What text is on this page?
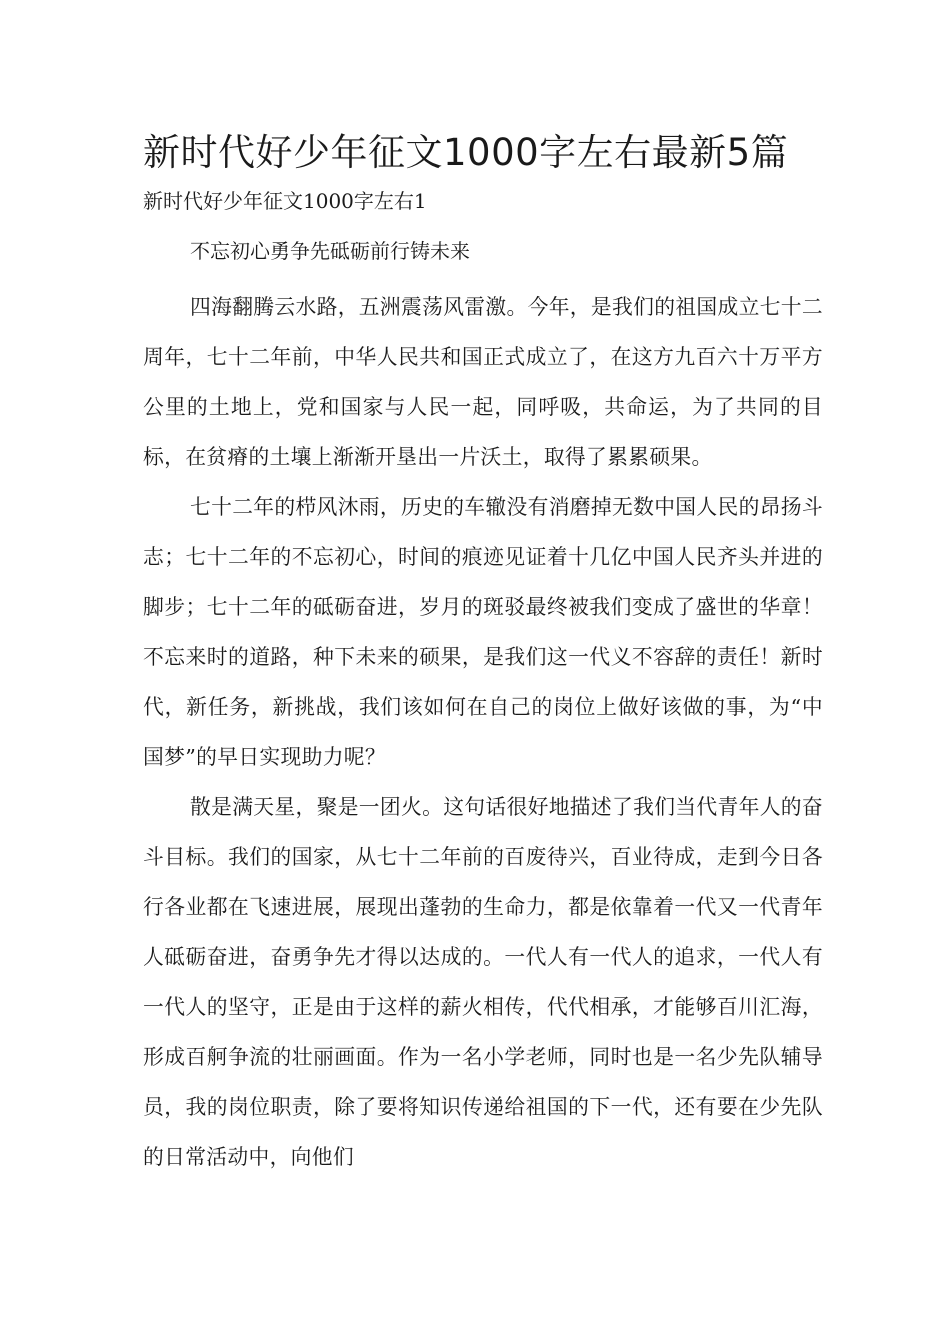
新时代好少年征文1000字左右最新5篇
新时代好少年征文1000字左右1
不忘初心勇争先砥砺前行铸未来

四海翻腾云水路，五洲震荡风雷激。今年，是我们的祖国成立七十二周年，七十二年前，中华人民共和国正式成立了，在这方九百六十万平方公里的土地上，党和国家与人民一起，同呼吸，共命运，为了共同的目标，在贫瘠的土壤上渐渐开垦出一片沃土，取得了累累硕果。

七十二年的栉风沐雨，历史的车辙没有消磨掉无数中国人民的昂扬斗志；七十二年的不忘初心，时间的痕迹见证着十几亿中国人民齐头并进的脚步；七十二年的砥砺奋进，岁月的斑驳最终被我们变成了盛世的华章！不忘来时的道路，种下未来的硕果，是我们这一代义不容辞的责任！新时代，新任务，新挑战，我们该如何在自己的岗位上做好该做的事，为“中国梦”的早日实现助力呢？

散是满天星，聚是一团火。这句话很好地描述了我们当代青年人的奋斗目标。我们的国家，从七十二年前的百废待兴，百业待成，走到今日各行各业都在飞速进展，展现出蓬勃的生命力，都是依靠着一代又一代青年人砥砺奋进，奋勇争先才得以达成的。一代人有一代人的追求，一代人有一代人的坚守，正是由于这样的薪火相传，代代相承，才能够百川汇海，形成百舸争流的壮丽画面。作为一名小学老师，同时也是一名少先队辅导员，我的岗位职责，除了要将知识传递给祖国的下一代，还有要在少先队的日常活动中，向他们
